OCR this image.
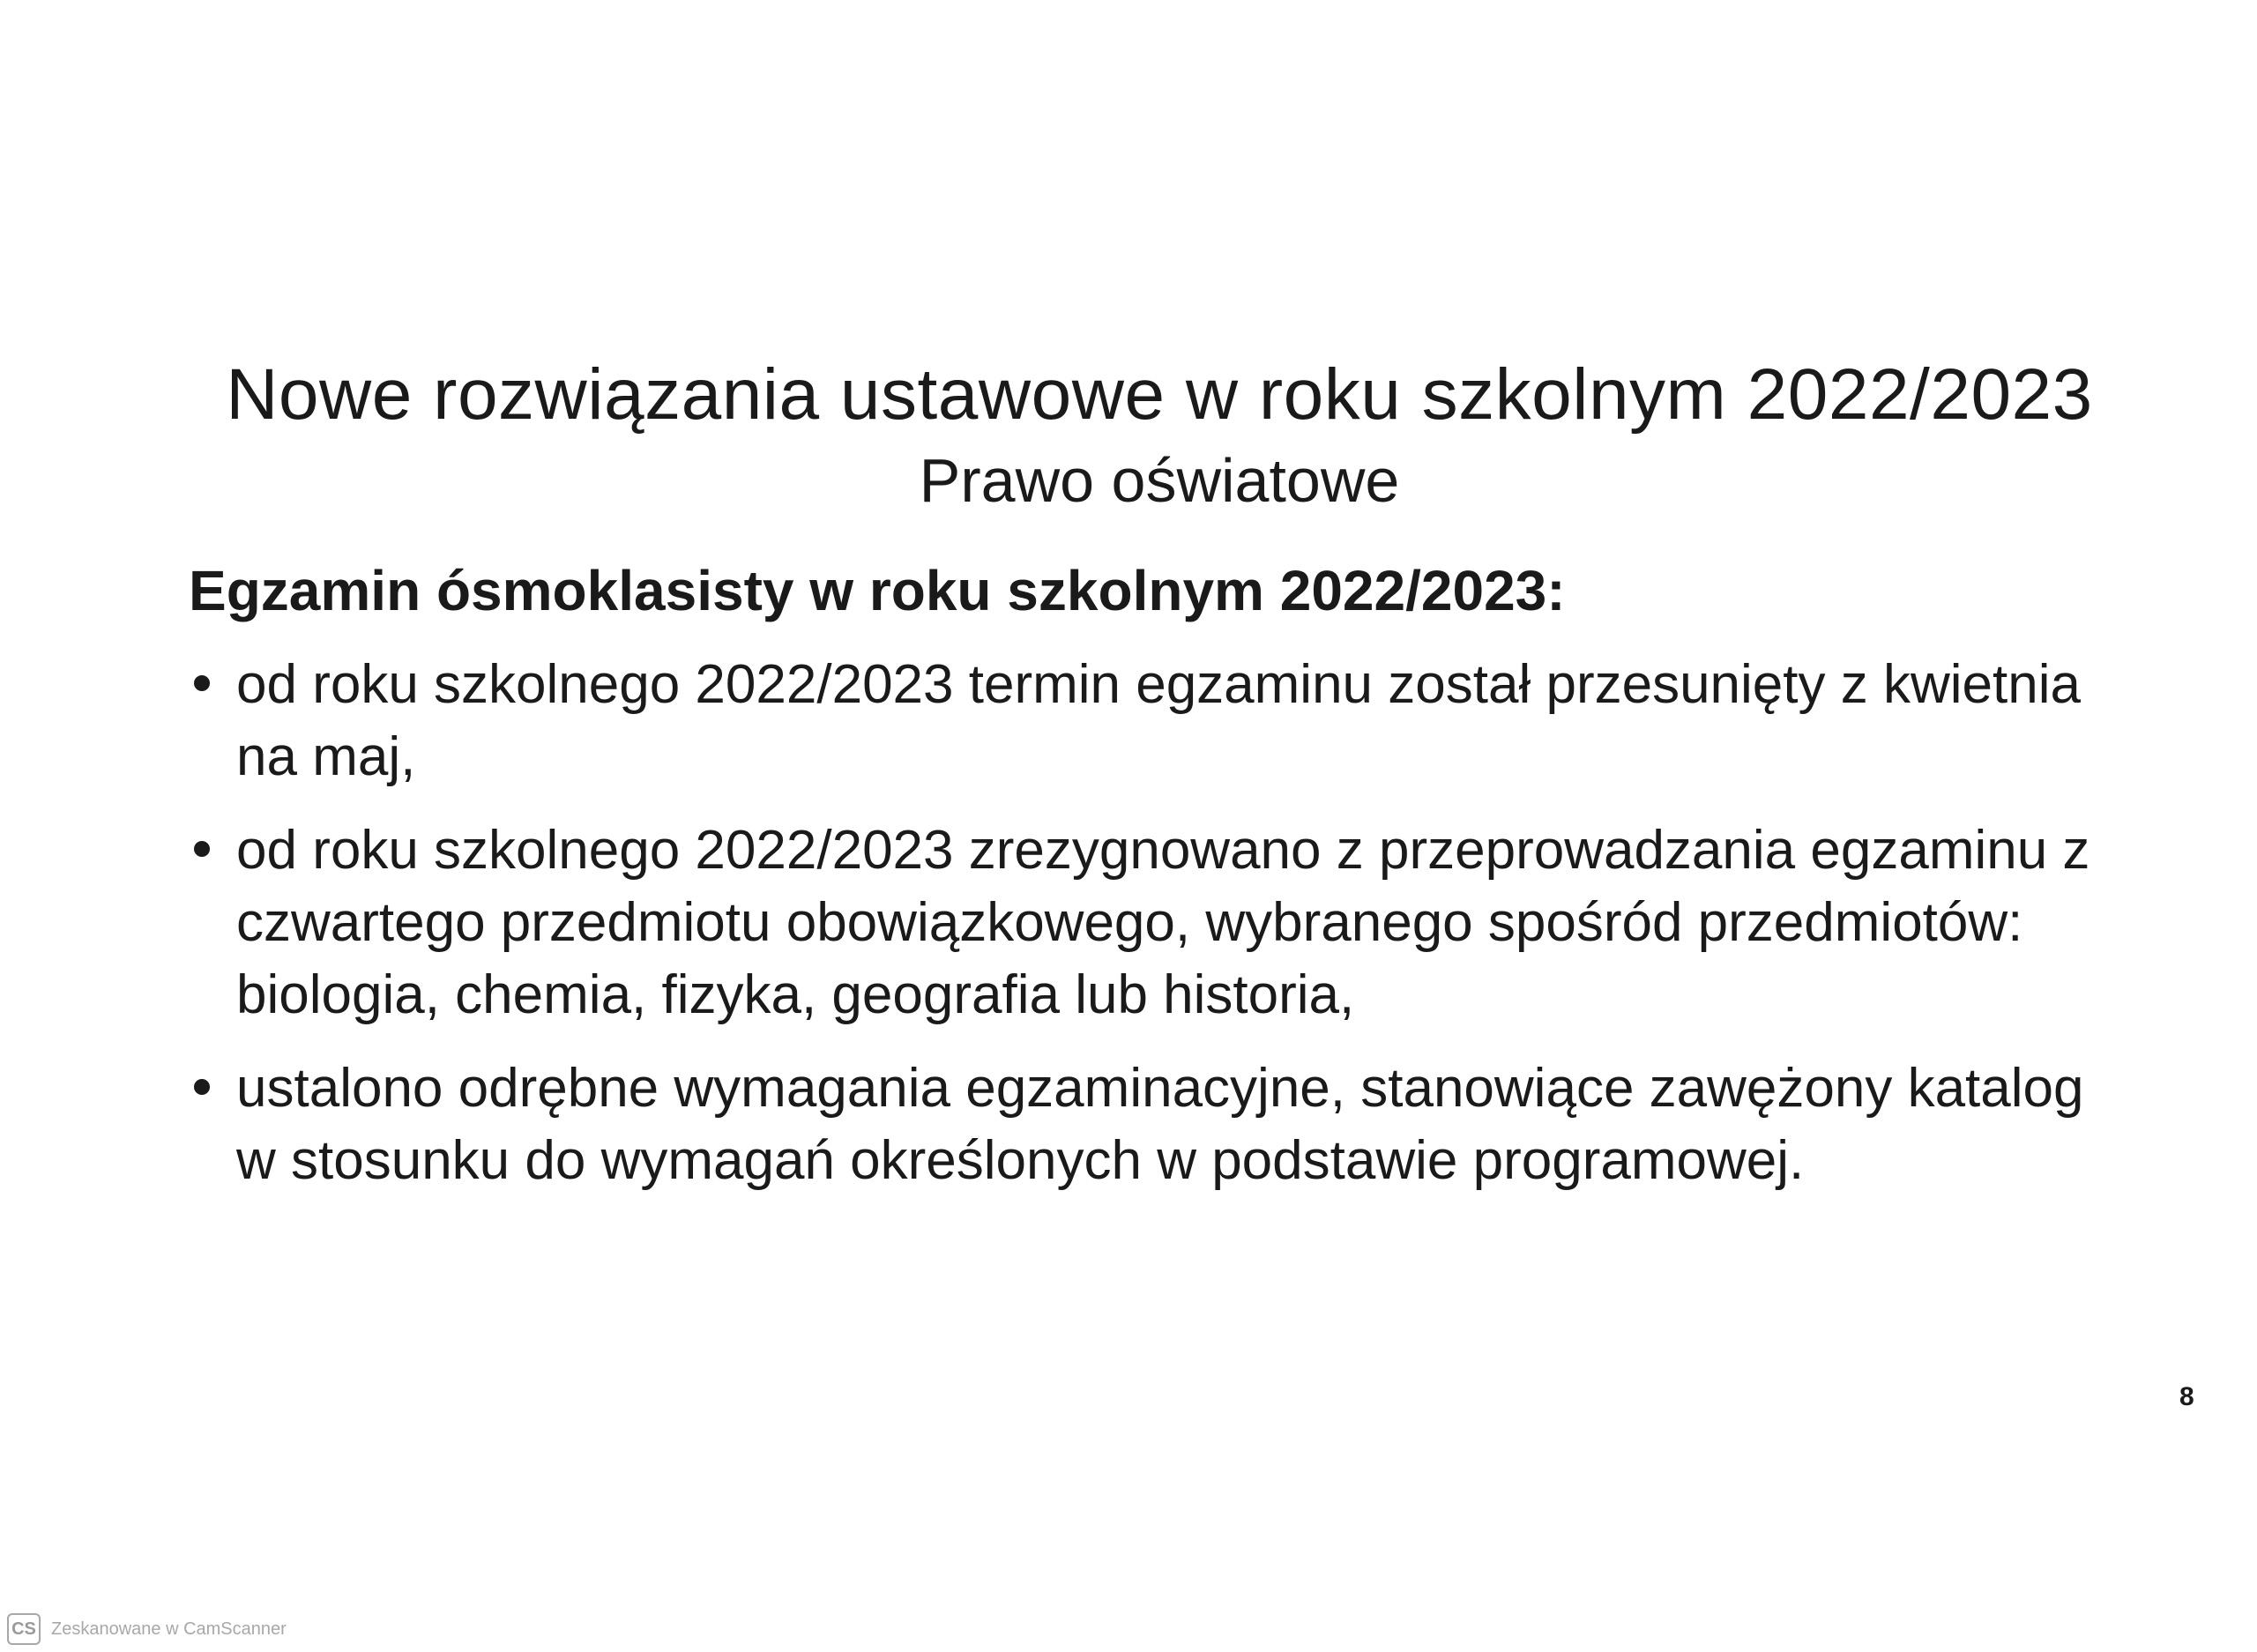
Nowe rozwiązania ustawowe w roku szkolnym 2022/2023
Prawo oświatowe
Egzamin ósmoklasisty w roku szkolnym 2022/2023:
od roku szkolnego 2022/2023 termin egzaminu został przesunięty z kwietnia na maj,
od roku szkolnego 2022/2023 zrezygnowano z przeprowadzania egzaminu z czwartego przedmiotu obowiązkowego, wybranego spośród przedmiotów: biologia, chemia, fizyka, geografia lub historia,
ustalono odrębne wymagania egzaminacyjne, stanowiące zawężony katalog w stosunku do wymagań określonych w podstawie programowej.
8
CS Zeskanowane w CamScanner
